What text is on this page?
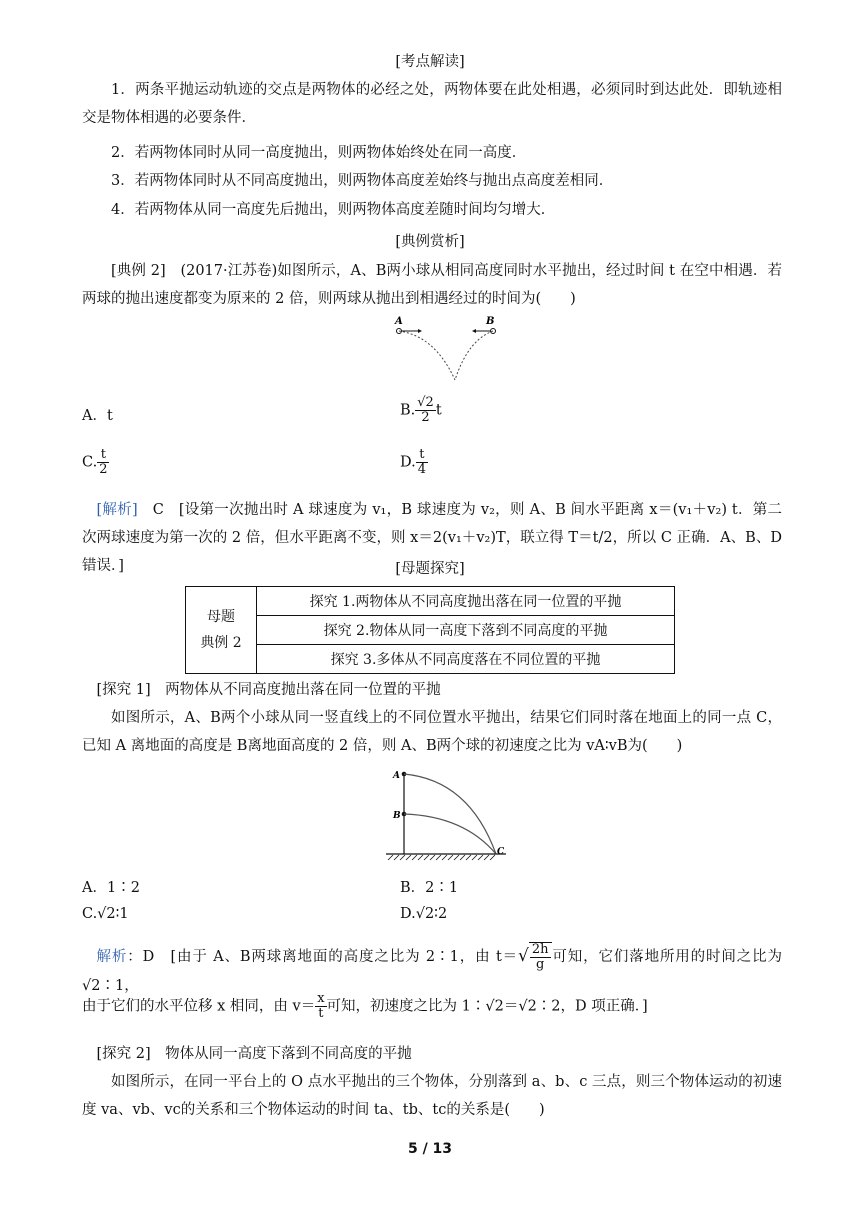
[考点解读]
1．两条平抛运动轨迹的交点是两物体的必经之处，两物体要在此处相遇，必须同时到达此处．即轨迹相交是物体相遇的必要条件．
2．若两物体同时从同一高度抛出，则两物体始终处在同一高度．
3．若两物体同时从不同高度抛出，则两物体高度差始终与抛出点高度差相同．
4．若两物体从同一高度先后抛出，则两物体高度差随时间均匀增大．
[典例赏析]
[典例 2]　 (2017·江苏卷)如图所示，A、B两小球从相同高度同时水平抛出，经过时间 t 在空中相遇．若两球的抛出速度都变为原来的 2 倍，则两球从抛出到相遇经过的时间为(　　)
A	B
A．t	B. $\frac{√2}{2}$ t
C. $\frac{t}{2}$	D. $\frac{t}{4}$
[解析]　 C　[设第一次抛出时 A 球速度为 v₁，B 球速度为 v₂，则 A、B 间水平距离 x＝(v₁＋v₂) t．第二次两球速度为第一次的 2 倍，但水平距离不变，则 x＝2(v₁＋v₂)T，联立得 T＝t/2，所以 C 正确．A、B、D 错误．]	[母题探究]
母题
典例 2
	探究 1.两物体从不同高度抛出落在同一位置的平抛
探究 2.物体从同一高度下落到不同高度的平抛
探究 3.多体从不同高度落在不同位置的平抛
[探究 1]　两物体从不同高度抛出落在同一位置的平抛
如图所示，A、B两个小球从同一竖直线上的不同位置水平抛出，结果它们同时落在地面上的同一点 C，已知 A 离地面的高度是 B离地面高度的 2 倍，则 A、B两个球的初速度之比为 vA∶vB为(　　)
A
B
C
A．1∶2	B．2∶1
C.√2∶1	D.√2∶2
解析：D　[由于 A、B两球离地面的高度之比为 2∶1，由 $t=√ \frac{2h}{g}$ 可知，它们落地所用的时间之比为√2∶1，
由于它们的水平位移 x 相同，由 $v= \frac{x}{t}$ 可知，初速度之比为 1∶√2＝√2∶2，D 项正确．]
[探究 2]　物体从同一高度下落到不同高度的平抛
如图所示，在同一平台上的 O 点水平抛出的三个物体，分别落到 a、b、c 三点，则三个物体运动的初速度 va、vb、vc的关系和三个物体运动的时间 ta、tb、tc的关系是(　　)
5 / 13
